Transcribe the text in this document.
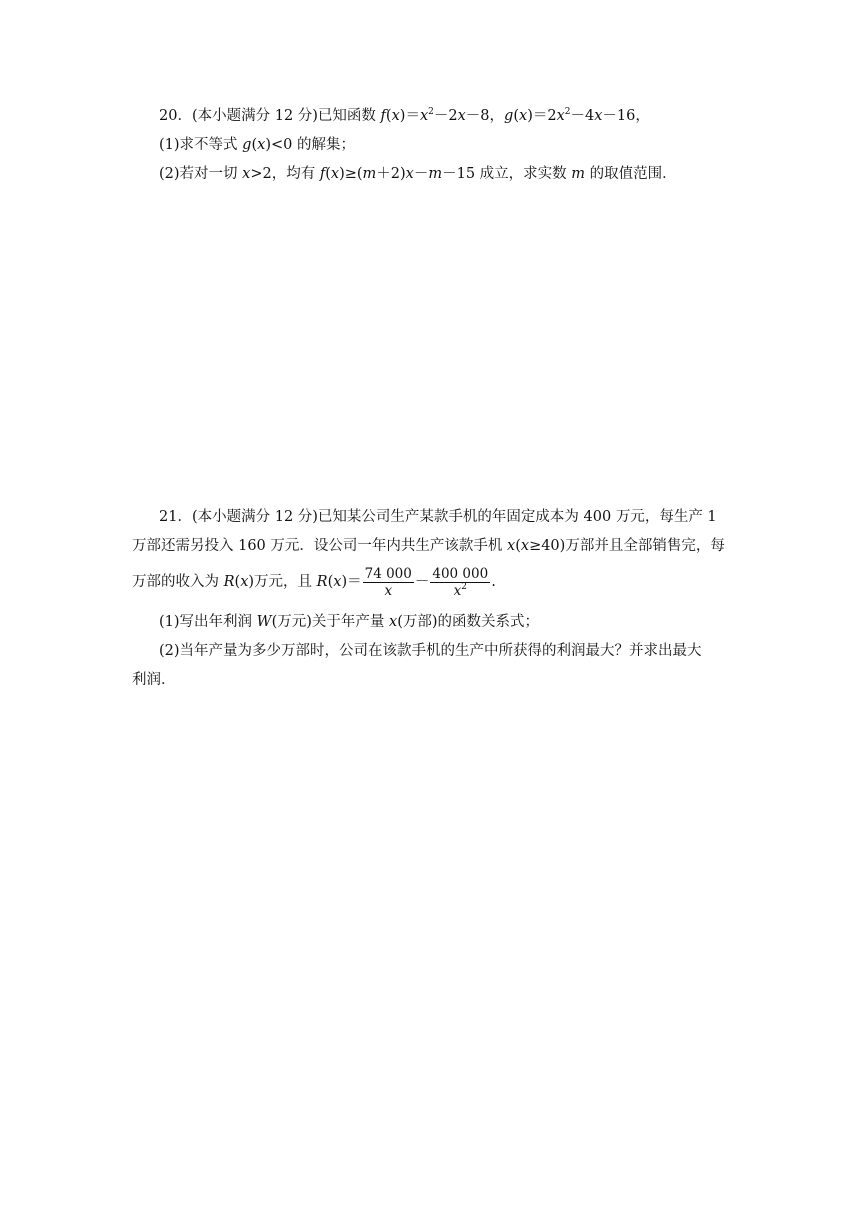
20．(本小题满分 12 分)已知函数 $f(x)=x^2-2x-8$，$g(x)=2x^2-4x-16$，
(1)求不等式 g(x)<0 的解集；
(2)若对一切 x>2，均有 f(x)≥(m＋2)x－m－15 成立，求实数 m 的取值范围．
21．(本小题满分 12 分)已知某公司生产某款手机的年固定成本为 400 万元，每生产 1
万部还需另投入 160 万元．设公司一年内共生产该款手机 x(x≥40)万部并且全部销售完，每
万部的收入为 R(x)万元，且 $R(x)= \frac{74 000}{x} - \frac{400 000}{x^2}$ .
(1)写出年利润 W(万元)关于年产量 x(万部)的函数关系式；
(2)当年产量为多少万部时，公司在该款手机的生产中所获得的利润最大？并求出最大
利润．
